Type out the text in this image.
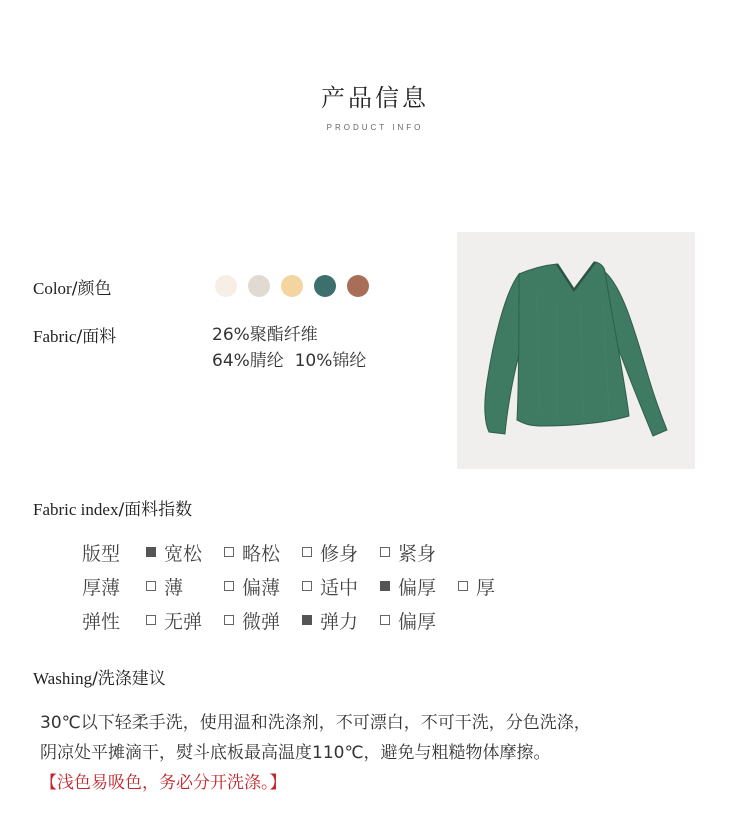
产品信息
PRODUCT INFO
Color/颜色
Fabric/面料	26%聚酯纤维
64%腈纶  10%锦纶
Fabric index/面料指数
版型	宽松 略松 修身 紧身
厚薄	薄	偏薄 适中 偏厚 厚
弹性	无弹 微弹 弹力 偏厚
Washing/洗涤建议
30℃以下轻柔手洗，使用温和洗涤剂，不可漂白，不可干洗，分色洗涤，
阴凉处平摊滴干，熨斗底板最高温度110℃，避免与粗糙物体摩擦。
【浅色易吸色，务必分开洗涤。】
